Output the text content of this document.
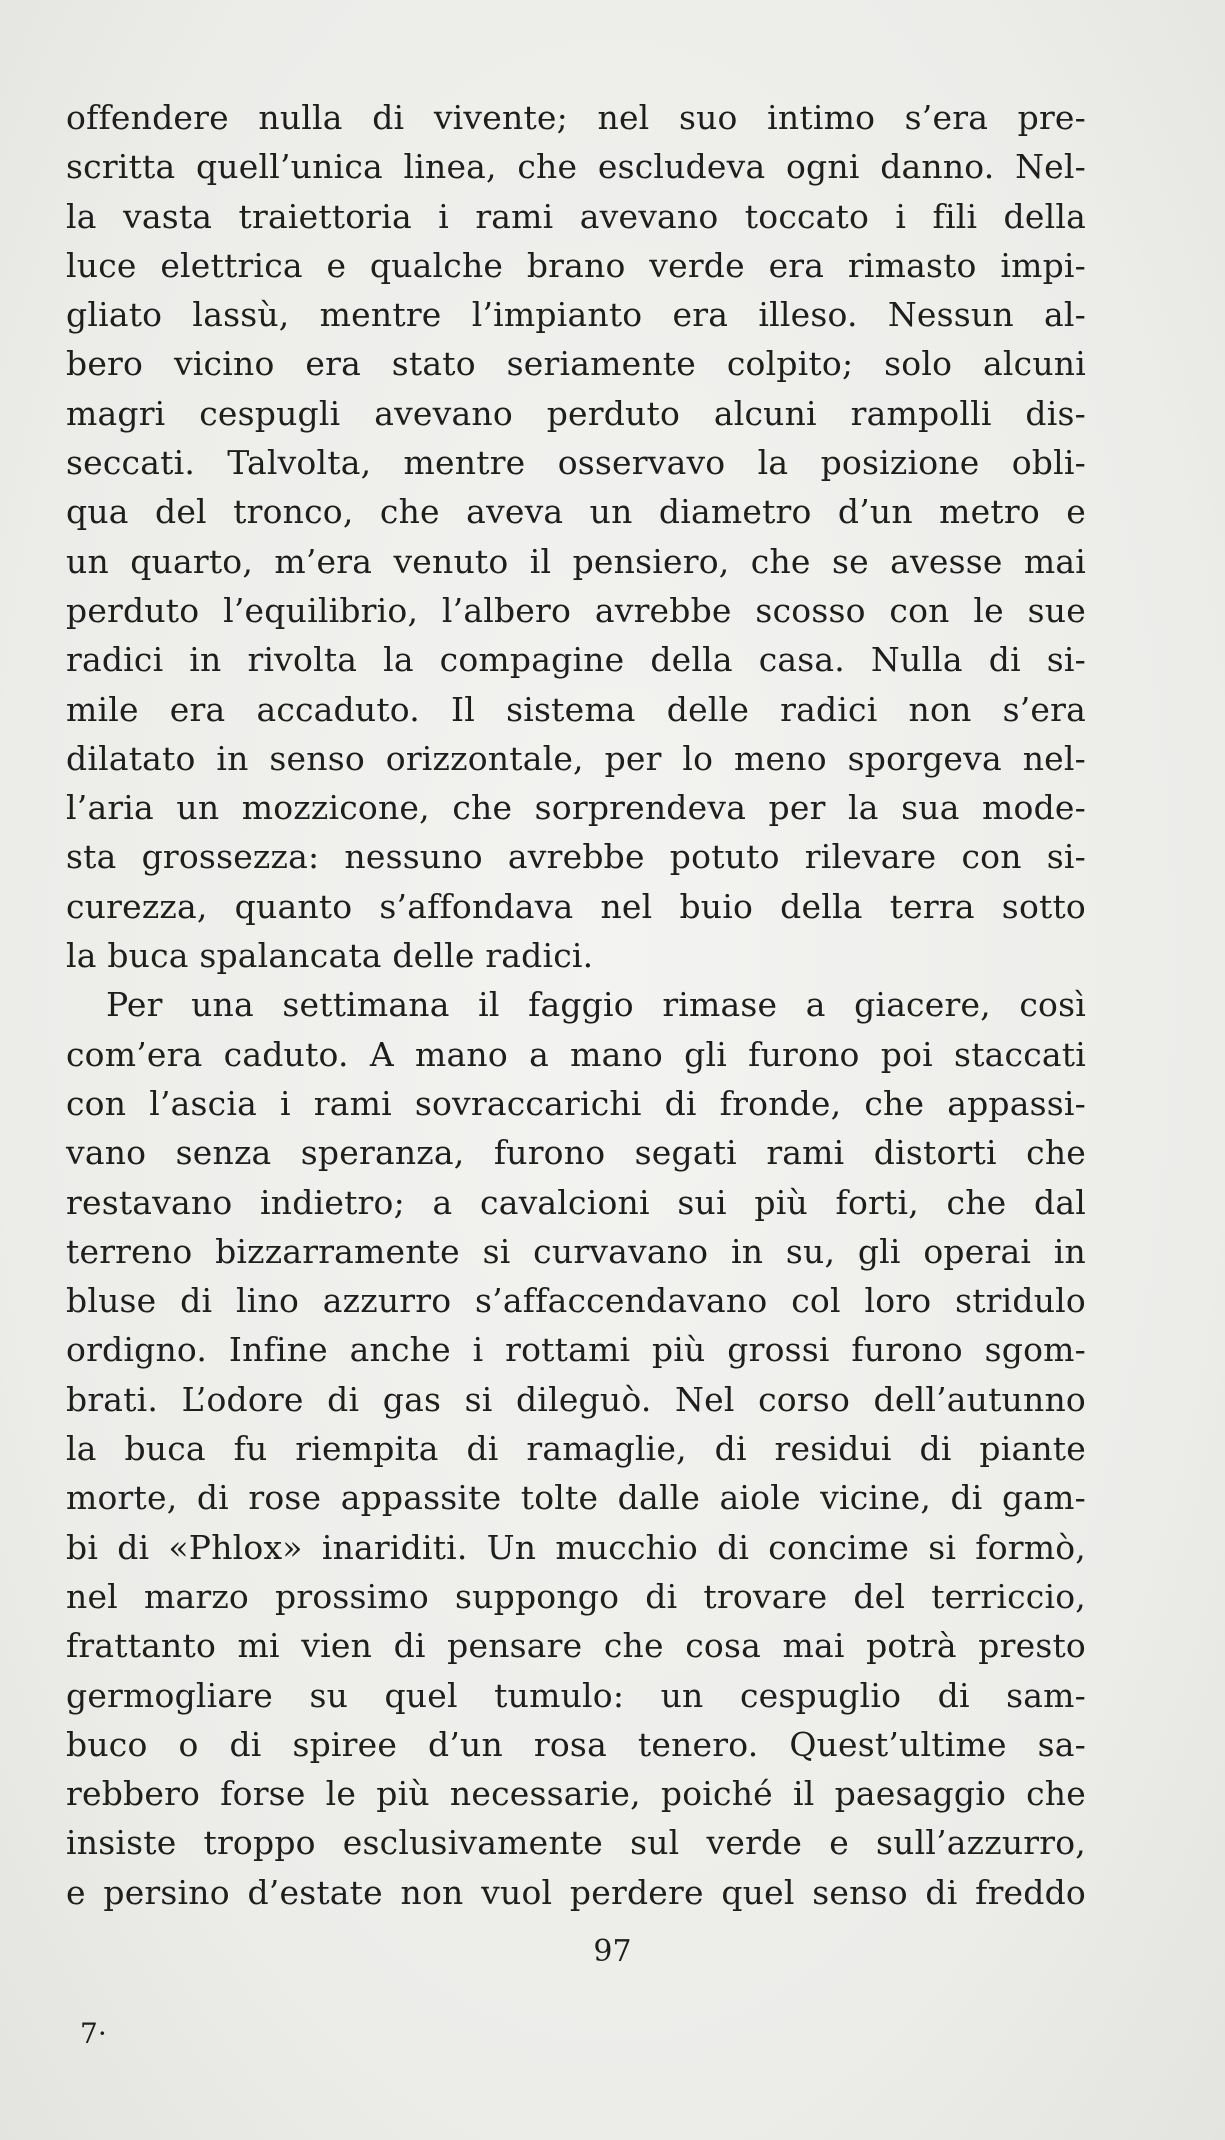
offendere nulla di vivente; nel suo intimo s’era pre-
scritta quell’unica linea, che escludeva ogni danno. Nel-
la vasta traiettoria i rami avevano toccato i fili della
luce elettrica e qualche brano verde era rimasto impi-
gliato lassù, mentre l’impianto era illeso. Nessun al-
bero vicino era stato seriamente colpito; solo alcuni
magri cespugli avevano perduto alcuni rampolli dis-
seccati. Talvolta, mentre osservavo la posizione obli-
qua del tronco, che aveva un diametro d’un metro e
un quarto, m’era venuto il pensiero, che se avesse mai
perduto l’equilibrio, l’albero avrebbe scosso con le sue
radici in rivolta la compagine della casa. Nulla di si-
mile era accaduto. Il sistema delle radici non s’era
dilatato in senso orizzontale, per lo meno sporgeva nel-
l’aria un mozzicone, che sorprendeva per la sua mode-
sta grossezza: nessuno avrebbe potuto rilevare con si-
curezza, quanto s’affondava nel buio della terra sotto
la buca spalancata delle radici.
Per una settimana il faggio rimase a giacere, così
com’era caduto. A mano a mano gli furono poi staccati
con l’ascia i rami sovraccarichi di fronde, che appassi-
vano senza speranza, furono segati rami distorti che
restavano indietro; a cavalcioni sui più forti, che dal
terreno bizzarramente si curvavano in su, gli operai in
bluse di lino azzurro s’affaccendavano col loro stridulo
ordigno. Infine anche i rottami più grossi furono sgom-
brati. L’odore di gas si dileguò. Nel corso dell’autunno
la buca fu riempita di ramaglie, di residui di piante
morte, di rose appassite tolte dalle aiole vicine, di gam-
bi di «Phlox» inariditi. Un mucchio di concime si formò,
nel marzo prossimo suppongo di trovare del terriccio,
frattanto mi vien di pensare che cosa mai potrà presto
germogliare su quel tumulo: un cespuglio di sam-
buco o di spiree d’un rosa tenero. Quest’ultime sa-
rebbero forse le più necessarie, poiché il paesaggio che
insiste troppo esclusivamente sul verde e sull’azzurro,
e persino d’estate non vuol perdere quel senso di freddo
97
7·
